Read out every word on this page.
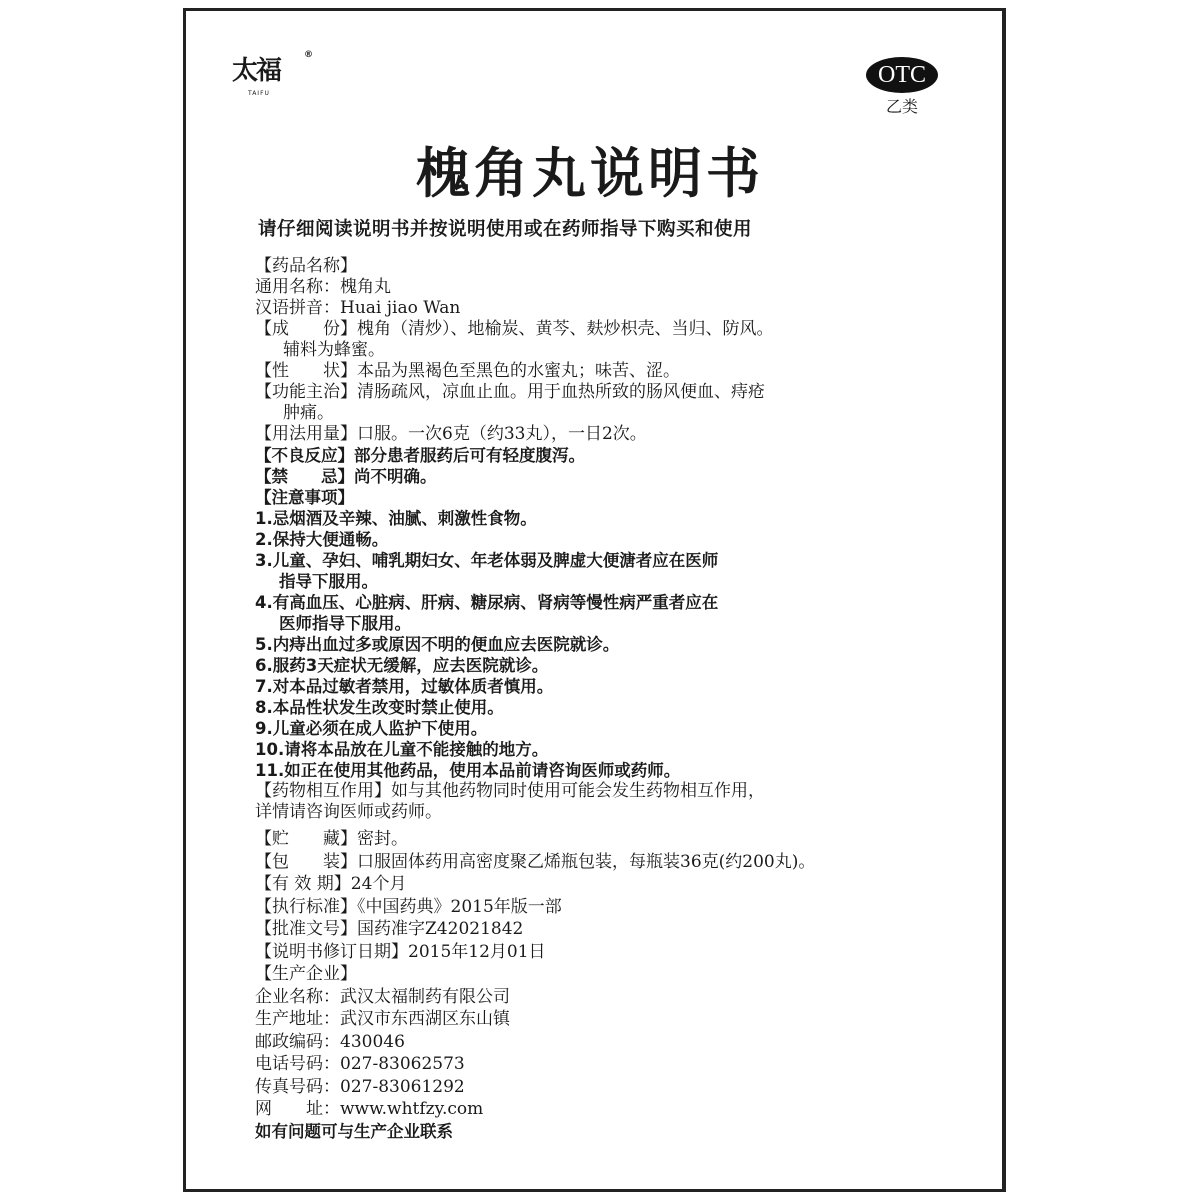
太福
TAIFU
®
OTC
乙类
槐角丸说明书
请仔细阅读说明书并按说明使用或在药师指导下购买和使用
【药品名称】
通用名称：槐角丸
汉语拼音：Huai jiao Wan
【成　　份】槐角（清炒）、地榆炭、黄芩、麸炒枳壳、当归、防风。
辅料为蜂蜜。
【性　　状】本品为黑褐色至黑色的水蜜丸；味苦、涩。
【功能主治】清肠疏风，凉血止血。用于血热所致的肠风便血、痔疮
肿痛。
【用法用量】口服。一次6克（约33丸），一日2次。
【不良反应】部分患者服药后可有轻度腹泻。
【禁　　忌】尚不明确。
【注意事项】
1.忌烟酒及辛辣、油腻、刺激性食物。
2.保持大便通畅。
3.儿童、孕妇、哺乳期妇女、年老体弱及脾虚大便溏者应在医师
指导下服用。
4.有高血压、心脏病、肝病、糖尿病、肾病等慢性病严重者应在
医师指导下服用。
5.内痔出血过多或原因不明的便血应去医院就诊。
6.服药3天症状无缓解，应去医院就诊。
7.对本品过敏者禁用，过敏体质者慎用。
8.本品性状发生改变时禁止使用。
9.儿童必须在成人监护下使用。
10.请将本品放在儿童不能接触的地方。
11.如正在使用其他药品，使用本品前请咨询医师或药师。
【药物相互作用】如与其他药物同时使用可能会发生药物相互作用，
详情请咨询医师或药师。
【贮　　藏】密封。
【包　　装】口服固体药用高密度聚乙烯瓶包装，每瓶装36克(约200丸)。
【有 效 期】24个月
【执行标准】《中国药典》2015年版一部
【批准文号】国药准字Z42021842
【说明书修订日期】2015年12月01日
【生产企业】
企业名称：武汉太福制药有限公司
生产地址：武汉市东西湖区东山镇
邮政编码：430046
电话号码：027-83062573
传真号码：027-83061292
网　　址：www.whtfzy.com
如有问题可与生产企业联系
